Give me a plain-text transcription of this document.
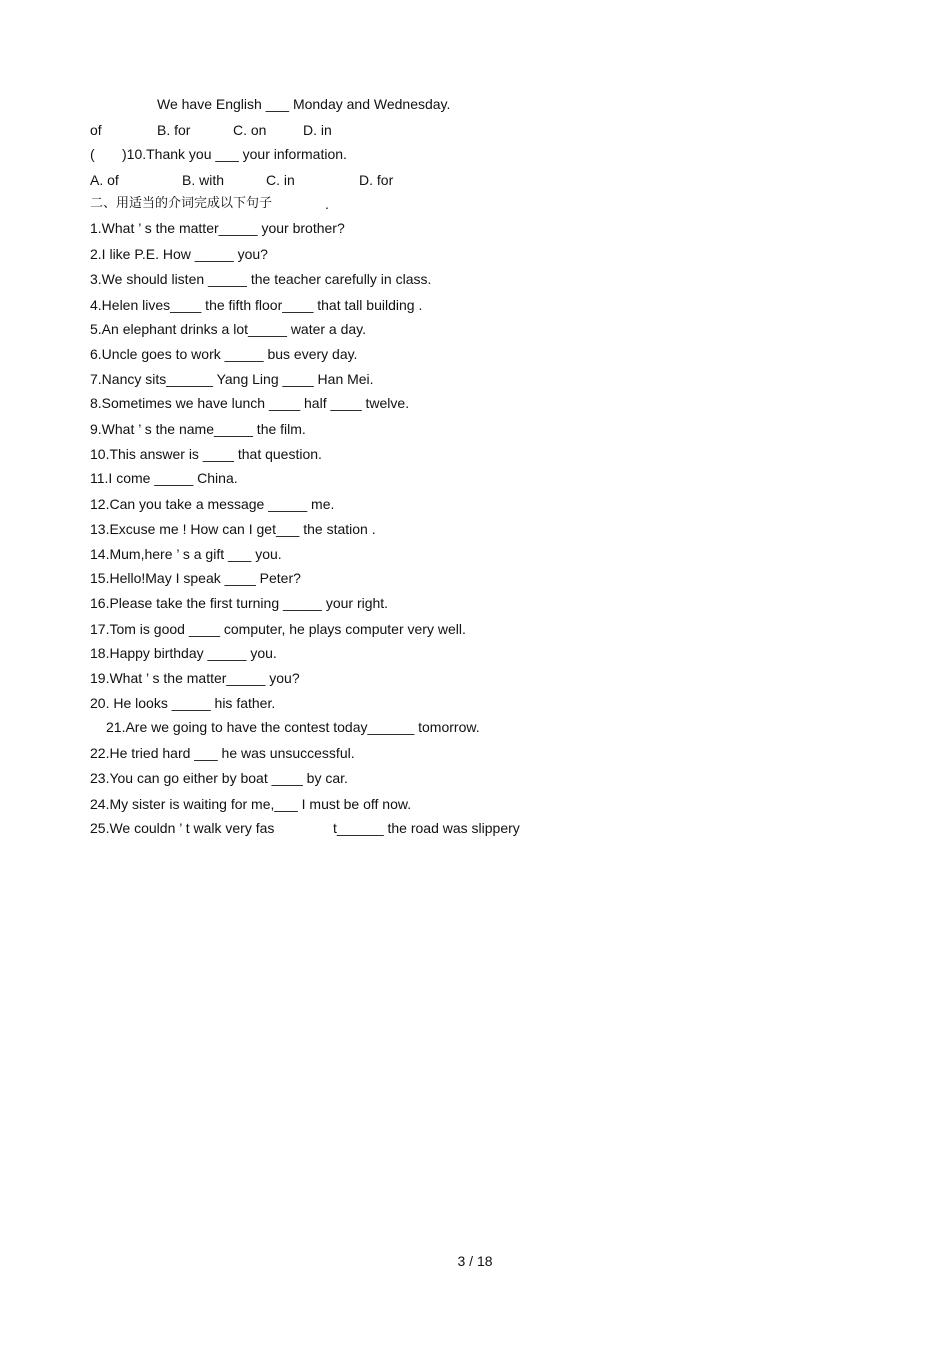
We have English ___ Monday and Wednesday.
of	B. for	C. on	D. in
( )10.Thank you ___ your information.
A. of	B. with	C. in	D. for
二、用适当的介词完成以下句子	.
1.What ’ s the matter_____ your brother?
2.I like P.E. How _____ you?
3.We should listen _____ the teacher carefully in class.
4.Helen lives____ the fifth floor____ that tall building .
5.An elephant drinks a lot_____ water a day.
6.Uncle goes to work _____ bus every day.
7.Nancy sits______ Yang Ling ____ Han Mei.
8.Sometimes we have lunch ____ half ____ twelve.
9.What ’ s the name_____ the film.
10.This answer is ____ that question.
11.I come _____ China.
12.Can you take a message _____ me.
13.Excuse me ! How can I get___ the station .
14.Mum,here ’ s a gift ___ you.
15.Hello!May I speak ____ Peter?
16.Please take the first turning _____ your right.
17.Tom is good ____ computer, he plays computer very well.
18.Happy birthday _____ you.
19.What ’ s the matter_____ you?
20. He looks _____ his father.
21.Are we going to have the contest today______ tomorrow.
22.He tried hard ___ he was unsuccessful.
23.You can go either by boat ____ by car.
24.My sister is waiting for me,___ I must be off now.
25.We couldn ’ t walk very fas	t______ the road was slippery
3 / 18
